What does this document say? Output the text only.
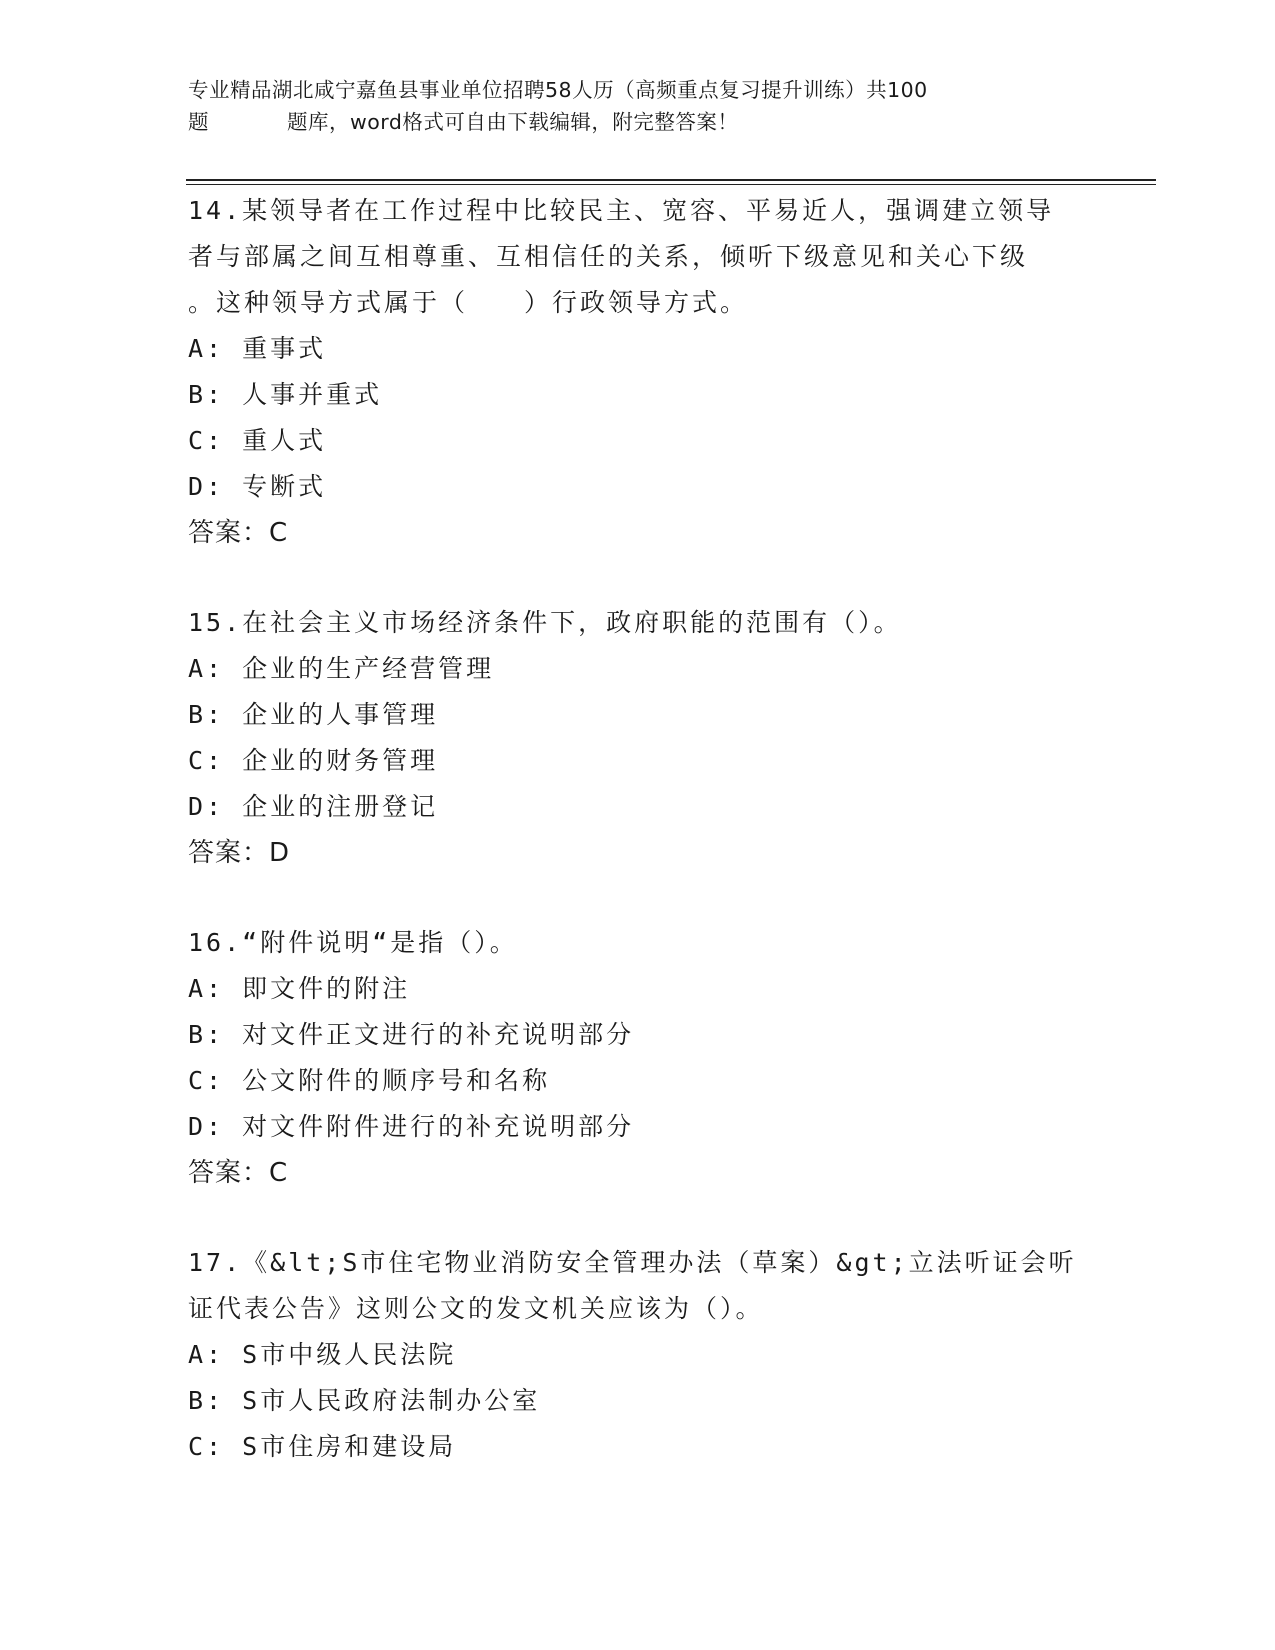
专业精品湖北咸宁嘉鱼县事业单位招聘58人历（高频重点复习提升训练）共100
题	题库，word格式可自由下载编辑，附完整答案！

14.某领导者在工作过程中比较民主、宽容、平易近人，强调建立领导

者与部属之间互相尊重、互相信任的关系，倾听下级意见和关心下级

。这种领导方式属于（　　）行政领导方式。

A: 重事式

B: 人事并重式

C: 重人式

D: 专断式

答案：C

15.在社会主义市场经济条件下，政府职能的范围有（）。

A: 企业的生产经营管理

B: 企业的人事管理

C: 企业的财务管理

D: 企业的注册登记

答案：D

16.“附件说明“是指（）。

A: 即文件的附注

B: 对文件正文进行的补充说明部分

C: 公文附件的顺序号和名称

D: 对文件附件进行的补充说明部分

答案：C

17.《&lt;S市住宅物业消防安全管理办法（草案）&gt;立法听证会听

证代表公告》这则公文的发文机关应该为（）。

A: S市中级人民法院

B: S市人民政府法制办公室

C: S市住房和建设局
